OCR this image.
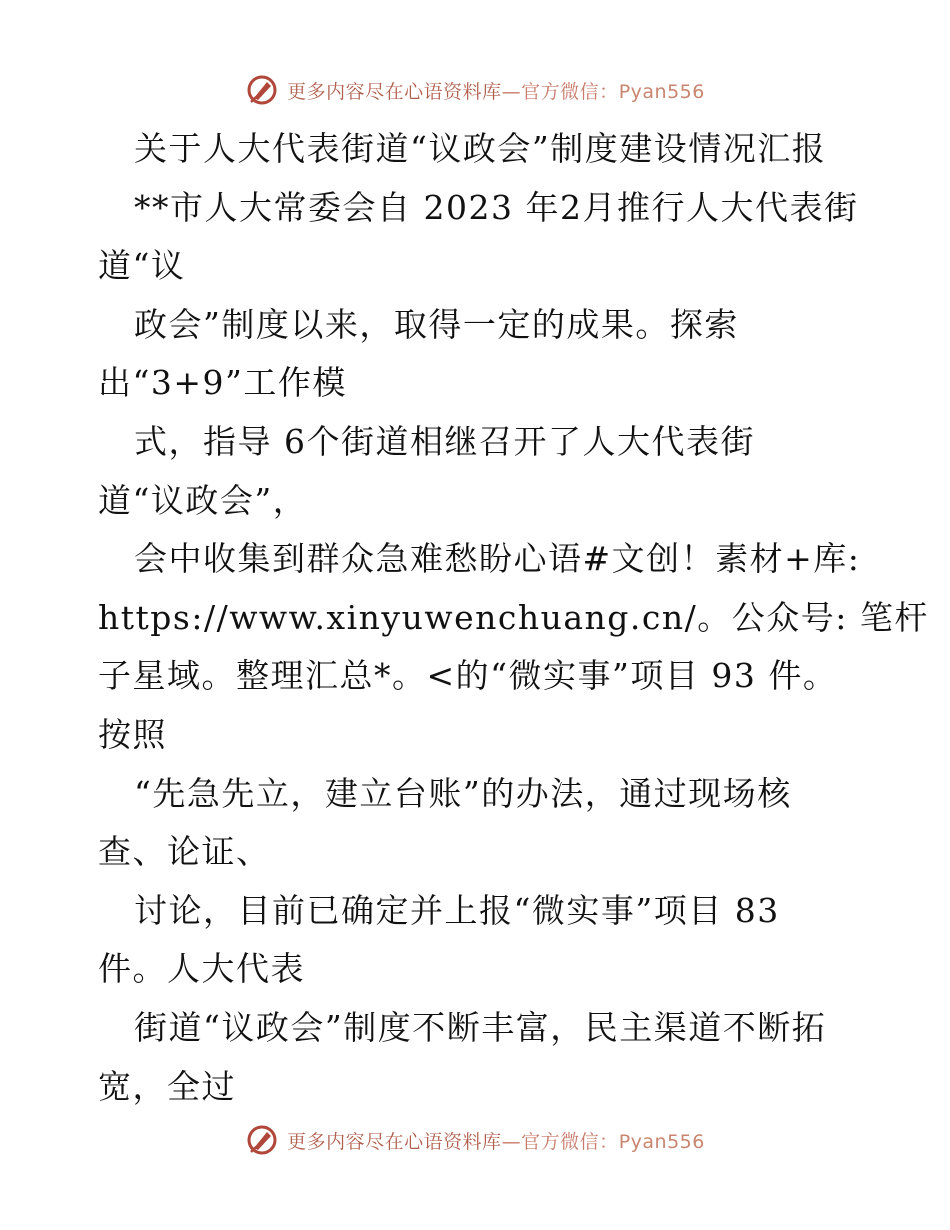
更多内容尽在心语资料库—官方微信：Pyan556
关于人大代表街道“议政会”制度建设情况汇报
**市人大常委会自 2023 年2月推行人大代表街
道“议
政会”制度以来，取得一定的成果。探索
出“3+9”工作模
式，指导 6个街道相继召开了人大代表街
道“议政会”，
会中收集到群众急难愁盼心语#文创！素材+库:
https://www.xinyuwenchuang.cn/。公众号: 笔杆
子星域。整理汇总*。<的“微实事”项目 93 件。
按照
“先急先立，建立台账”的办法，通过现场核
查、论证、
讨论，目前已确定并上报“微实事”项目 83
件。人大代表
街道“议政会”制度不断丰富，民主渠道不断拓
宽，全过
更多内容尽在心语资料库—官方微信：Pyan556
